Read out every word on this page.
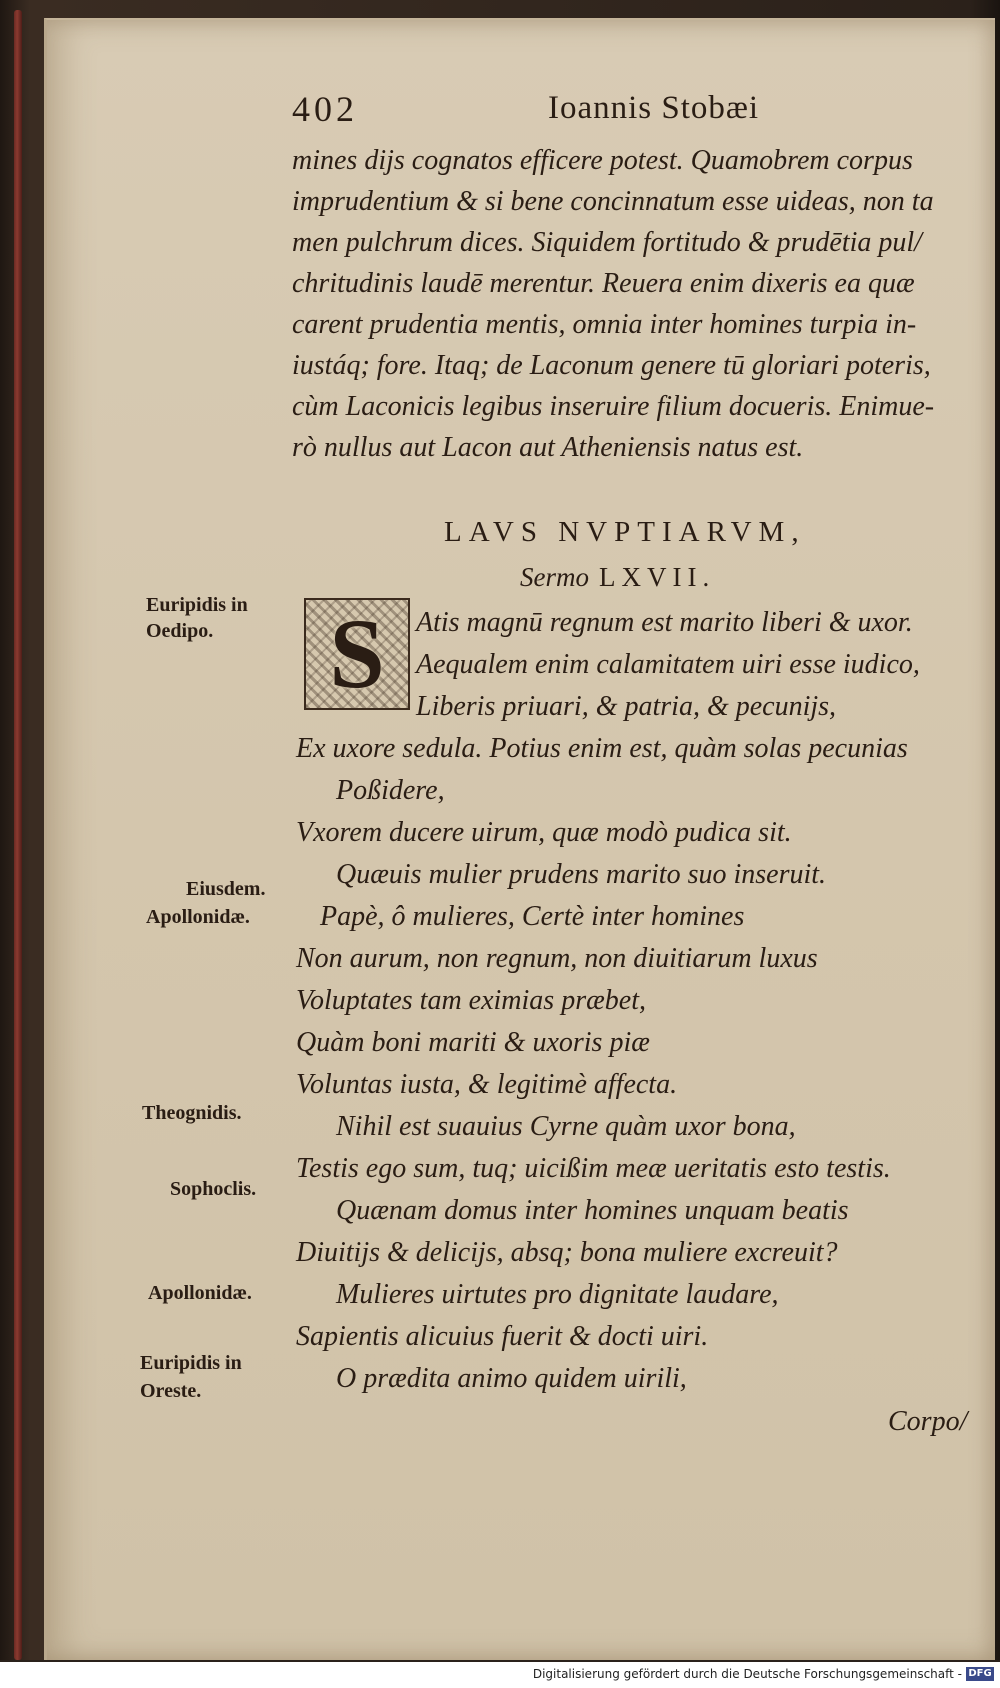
402	Ioannis Stobæi
mines dijs cognatos efficere potest. Quamobrem corpus
imprudentium & si bene concinnatum esse uideas, non ta
men pulchrum dices. Siquidem fortitudo & prudētia pul/
chritudinis laudē merentur. Reuera enim dixeris ea quæ
carent prudentia mentis, omnia inter homines turpia in-
iustáq; fore. Itaq; de Laconum genere tū gloriari poteris,
cùm Laconicis legibus inseruire filium docueris. Enimue-
rò nullus aut Lacon aut Atheniensis natus est.
LAVS NVPTIARVM,
Sermo LXVII.
S Atis magnū regnum est marito liberi & uxor.
Aequalem enim calamitatem uiri esse iudico,
Liberis priuari, & patria, & pecunijs,
Ex uxore sedula. Potius enim est, quàm solas pecunias
Poßidere,
Vxorem ducere uirum, quæ modò pudica sit.
Quæuis mulier prudens marito suo inseruit.
Papè, ô mulieres, Certè inter homines
Non aurum, non regnum, non diuitiarum luxus
Voluptates tam eximias præbet,
Quàm boni mariti & uxoris piæ
Voluntas iusta, & legitimè affecta.
Nihil est suauius Cyrne quàm uxor bona,
Testis ego sum, tuq; uicißim meæ ueritatis esto testis.
Quænam domus inter homines unquam beatis
Diuitijs & delicijs, absq; bona muliere excreuit?
Mulieres uirtutes pro dignitate laudare,
Sapientis alicuius fuerit & docti uiri.
O prædita animo quidem uirili,
Euripidis in
Oedipo.
Eiusdem.
Apollonidæ.
Theognidis.
Sophoclis.
Apollonidæ.
Euripidis in
Oreste.
Corpo/
Digitalisierung gefördert durch die Deutsche Forschungsgemeinschaft - DFG
